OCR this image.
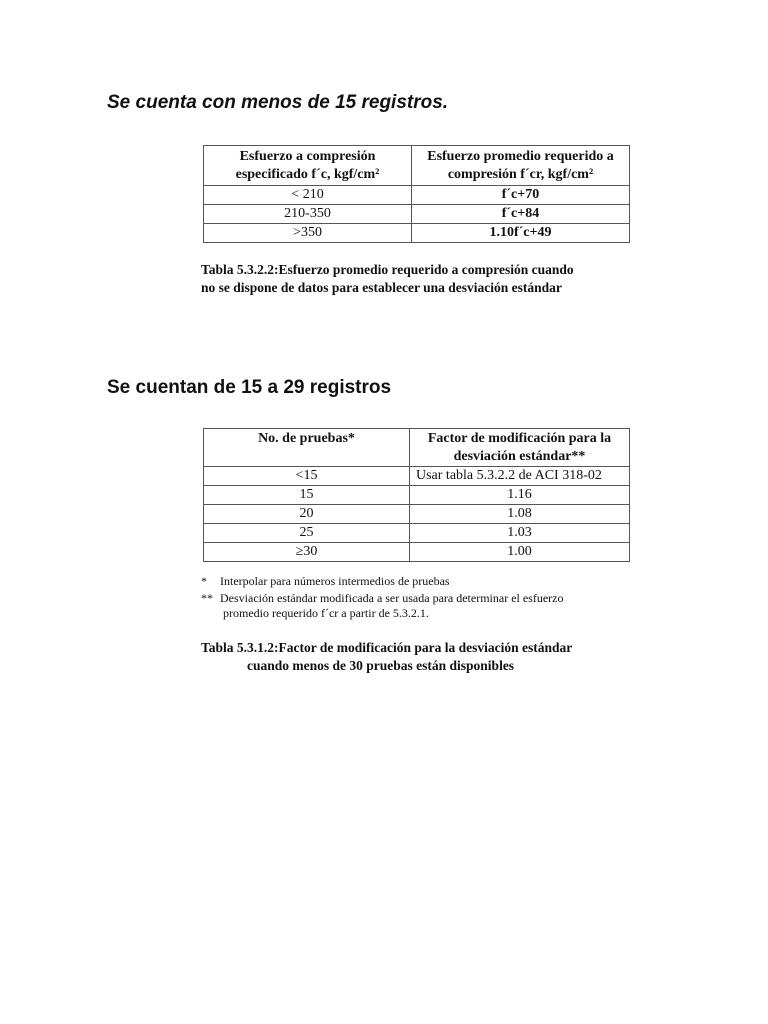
Se cuenta con menos de 15 registros.
Esfuerzo a compresión especificado f´c, kgf/cm²	Esfuerzo promedio requerido a compresión f´cr, kgf/cm²
< 210	f´c+70
210-350	f´c+84
>350	1.10f´c+49

Tabla 5.3.2.2:Esfuerzo promedio requerido a compresión cuando
no se dispone de datos para establecer una desviación estándar

Se cuentan de 15 a 29 registros
No. de pruebas*	Factor de modificación para la desviación estándar**
<15	Usar tabla 5.3.2.2 de ACI 318-02
15	1.16
20	1.08
25	1.03
≥30	1.00

* Interpolar para números intermedios de pruebas

** Desviación estándar modificada a ser usada para determinar el esfuerzo
promedio requerido f´cr a partir de 5.3.2.1.

Tabla 5.3.1.2:Factor de modificación para la desviación estándar
cuando menos de 30 pruebas están disponibles
